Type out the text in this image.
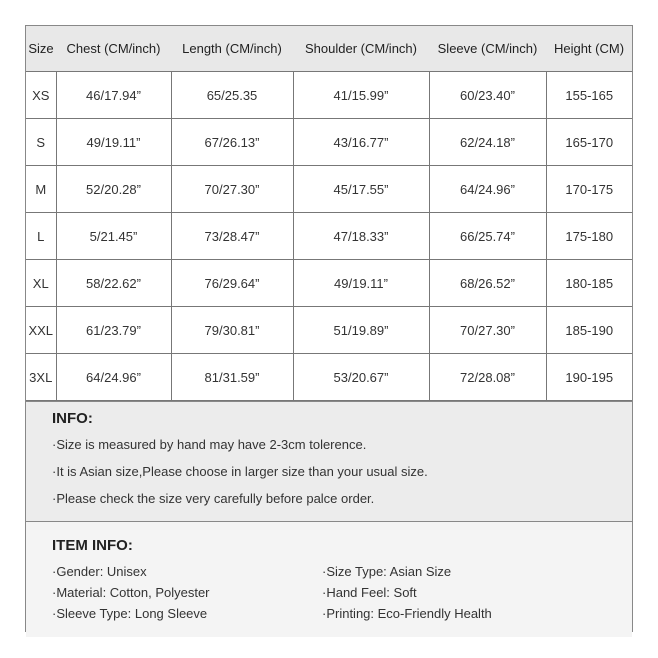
Size	Chest (CM/inch)	Length (CM/inch)	Shoulder (CM/inch)	Sleeve (CM/inch)	Height (CM)
XS	46/17.94”	65/25.35	41/15.99”	60/23.40”	155-165
S	49/19.11”	67/26.13”	43/16.77”	62/24.18”	165-170
M	52/20.28”	70/27.30”	45/17.55”	64/24.96”	170-175
L	5/21.45”	73/28.47”	47/18.33”	66/25.74”	175-180
XL	58/22.62”	76/29.64”	49/19.11”	68/26.52”	180-185
XXL	61/23.79”	79/30.81”	51/19.89”	70/27.30”	185-190
3XL	64/24.96”	81/31.59”	53/20.67”	72/28.08”	190-195
INFO:

·Size is measured by hand may have 2-3cm tolerence.

·It is Asian size,Please choose in larger size than your usual size.

·Please check the size very carefully before palce order.

ITEM INFO:
·Gender: Unisex	·Size Type: Asian Size
·Material: Cotton, Polyester	·Hand Feel: Soft
·Sleeve Type: Long Sleeve	·Printing: Eco-Friendly Health
